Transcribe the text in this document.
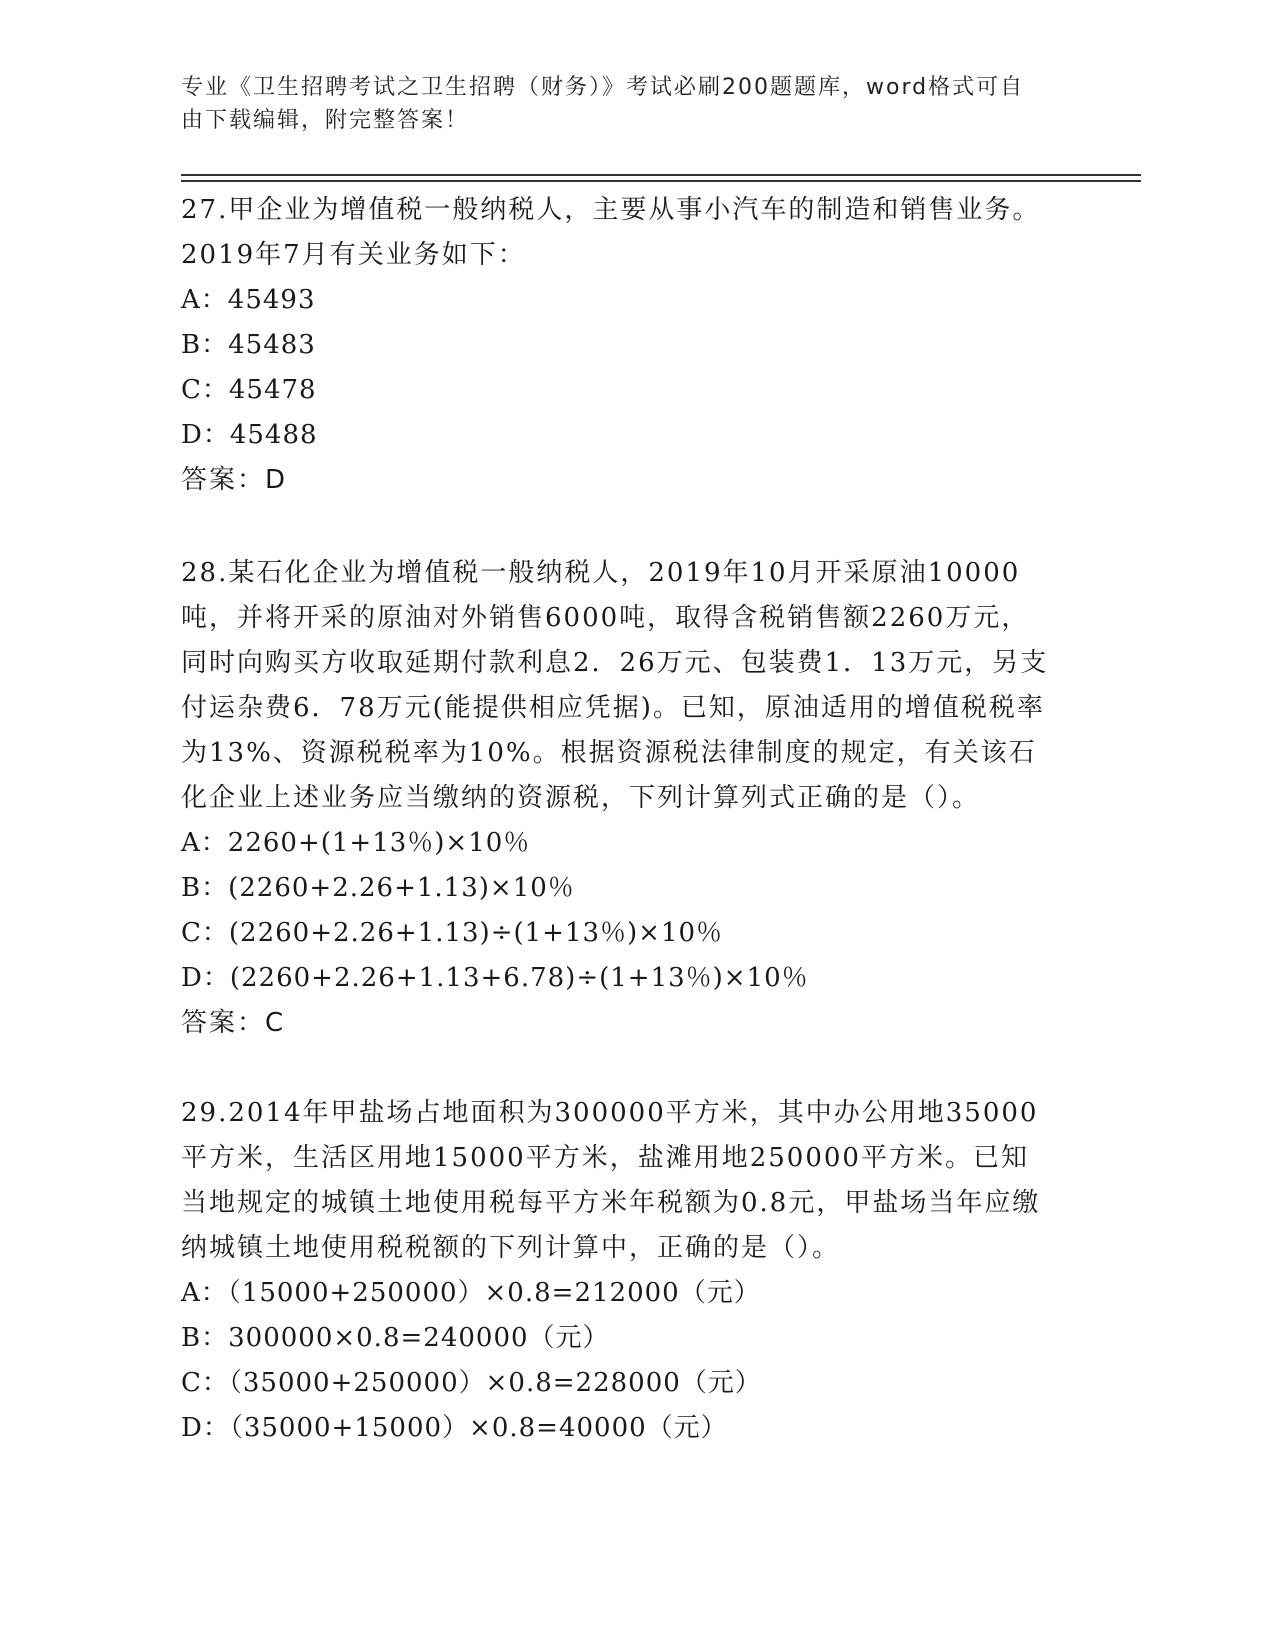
专业《卫生招聘考试之卫生招聘（财务）》考试必刷200题题库，word格式可自由下载编辑，附完整答案！

27.甲企业为增值税一般纳税人，主要从事小汽车的制造和销售业务。2019年7月有关业务如下：

A：45493

B：45483

C：45478

D：45488

答案：D

28.某石化企业为增值税一般纳税人，2019年10月开采原油10000吨，并将开采的原油对外销售6000吨，取得含税销售额2260万元，同时向购买方收取延期付款利息2．26万元、包装费1．13万元，另支付运杂费6．78万元(能提供相应凭据)。已知，原油适用的增值税税率为13%、资源税税率为10%。根据资源税法律制度的规定，有关该石化企业上述业务应当缴纳的资源税，下列计算列式正确的是（）。

A：2260+(1+13％)×10％

B：(2260+2.26+1.13)×10％

C：(2260+2.26+1.13)÷(1+13％)×10％

D：(2260+2.26+1.13+6.78)÷(1+13％)×10％

答案：C

29.2014年甲盐场占地面积为300000平方米，其中办公用地35000平方米，生活区用地15000平方米，盐滩用地250000平方米。已知当地规定的城镇土地使用税每平方米年税额为0.8元，甲盐场当年应缴纳城镇土地使用税税额的下列计算中，正确的是（）。

A：（15000+250000）×0.8=212000（元）

B：300000×0.8=240000（元）

C：（35000+250000）×0.8=228000（元）

D：（35000+15000）×0.8=40000（元）
